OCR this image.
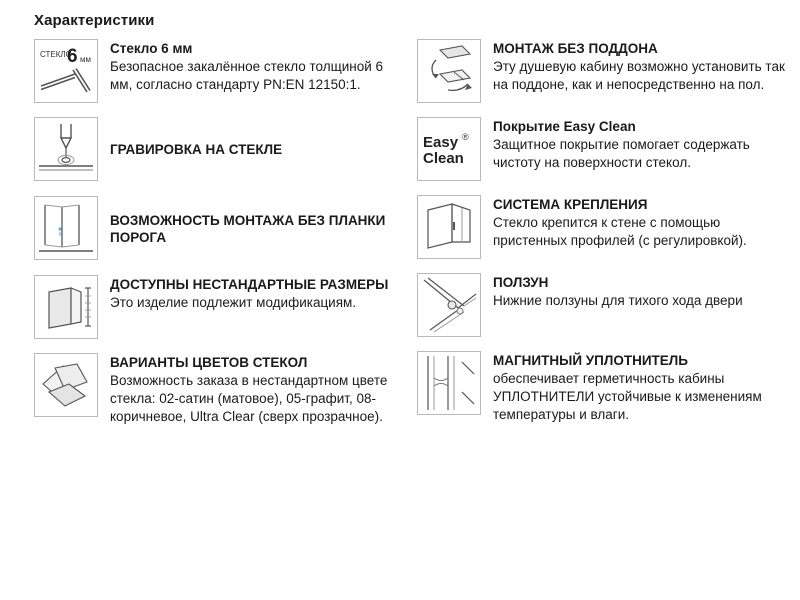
Характеристики
СТЕКЛО
6 мм
Стекло 6 мм
Безопасное закалённое стекло толщиной 6 мм, согласно стандарту PN:EN 12150:1.
ГРАВИРОВКА НА СТЕКЛЕ
ВОЗМОЖНОСТЬ МОНТАЖА БЕЗ ПЛАНКИ ПОРОГА
ДОСТУПНЫ НЕСТАНДАРТНЫЕ РАЗМЕРЫ
Это изделие подлежит модификациям.
ВАРИАНТЫ ЦВЕТОВ СТЕКОЛ
Возможность заказа в нестандартном цвете стекла: 02-сатин (матовое), 05-графит, 08-коричневое, Ultra Clear (сверх прозрачное).
МОНТАЖ БЕЗ ПОДДОНА
Эту душевую кабину возможно установить так на поддоне, как и непосредственно на пол.
Easy
Clean
®
Покрытие Easy Clean
Защитное покрытие помогает содержать чистоту на поверхности стекол.
СИСТЕМА КРЕПЛЕНИЯ
Стекло крепится к стене с помощью пристенных профилей (с регулировкой).
ПОЛЗУН
Нижние ползуны для тихого хода двери
МАГНИТНЫЙ УПЛОТНИТЕЛЬ
обеспечивает герметичность кабины УПЛОТНИТЕЛИ устойчивые к изменениям температуры и влаги.
